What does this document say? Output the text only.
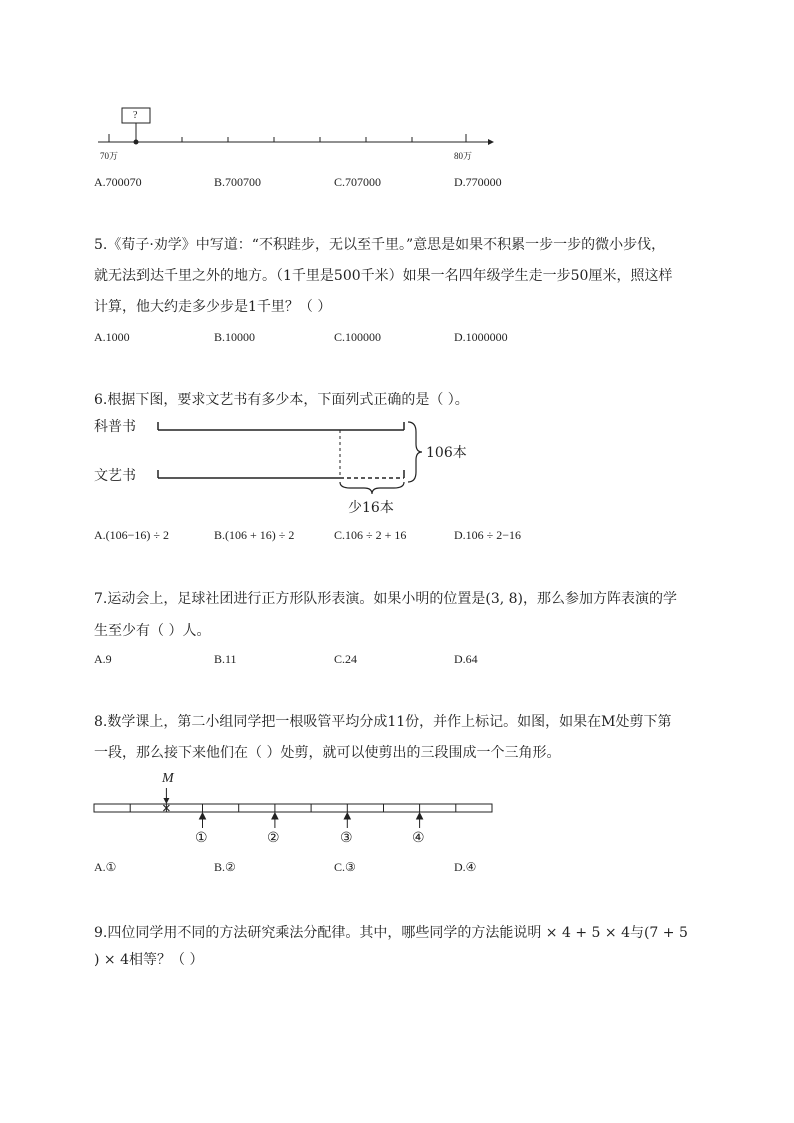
?
70万	80万
A.700070	B.700700	C.707000	D.770000
5.《荀子·劝学》中写道：“不积跬步，无以至千里。”意思是如果不积累一步一步的微小步伐，
就无法到达千里之外的地方。（1千里是500千米）如果一名四年级学生走一步50厘米，照这样
计算，他大约走多少步是1千里？（ ）
A.1000	B.10000	C.100000	D.1000000
6.根据下图，要求文艺书有多少本，下面列式正确的是（ ）。
科普书
文艺书
106本
少16本
A.(106−16) ÷ 2	B.(106 + 16) ÷ 2	C.106 ÷ 2 + 16	D.106 ÷ 2−16
7.运动会上，足球社团进行正方形队形表演。如果小明的位置是(3, 8)，那么参加方阵表演的学
生至少有（ ）人。
A.9	B.11	C.24	D.64
8.数学课上，第二小组同学把一根吸管平均分成11份，并作上标记。如图，如果在M处剪下第
一段，那么接下来他们在（ ）处剪，就可以使剪出的三段围成一个三角形。
M
①	②	③	④
A.①	B.②	C.③	D.④
9.四位同学用不同的方法研究乘法分配律。其中，哪些同学的方法能说明 × 4 + 5 × 4与(7 + 5
) × 4相等？（ ）
